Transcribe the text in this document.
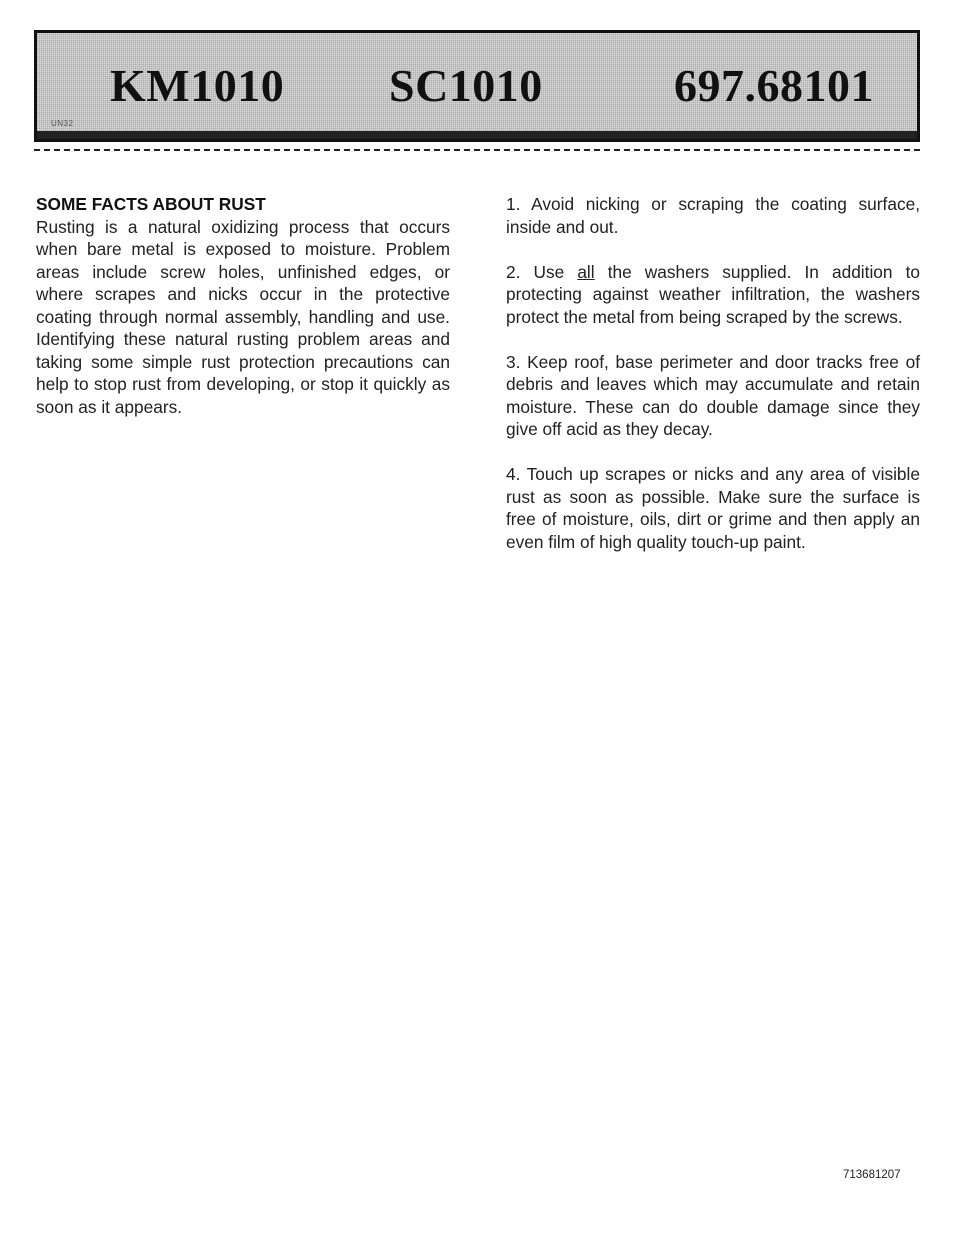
KM1010 SC1010	697.68101
UN32
SOME FACTS ABOUT RUST

Rusting is a natural oxidizing process that occurs when bare metal is exposed to moisture. Problem areas include screw holes, unfinished edges, or where scrapes and nicks occur in the protective coating through normal assembly, handling and use. Identifying these natural rusting problem areas and taking some simple rust protection precautions can help to stop rust from developing, or stop it quickly as soon as it appears.

1. Avoid nicking or scraping the coating surface, inside and out.

2. Use all the washers supplied. In addition to protecting against weather infiltration, the washers protect the metal from being scraped by the screws.

3. Keep roof, base perimeter and door tracks free of debris and leaves which may accumulate and retain moisture. These can do double damage since they give off acid as they decay.

4. Touch up scrapes or nicks and any area of visible rust as soon as possible. Make sure the surface is free of moisture, oils, dirt or grime and then apply an even film of high quality touch-up paint.

713681207
